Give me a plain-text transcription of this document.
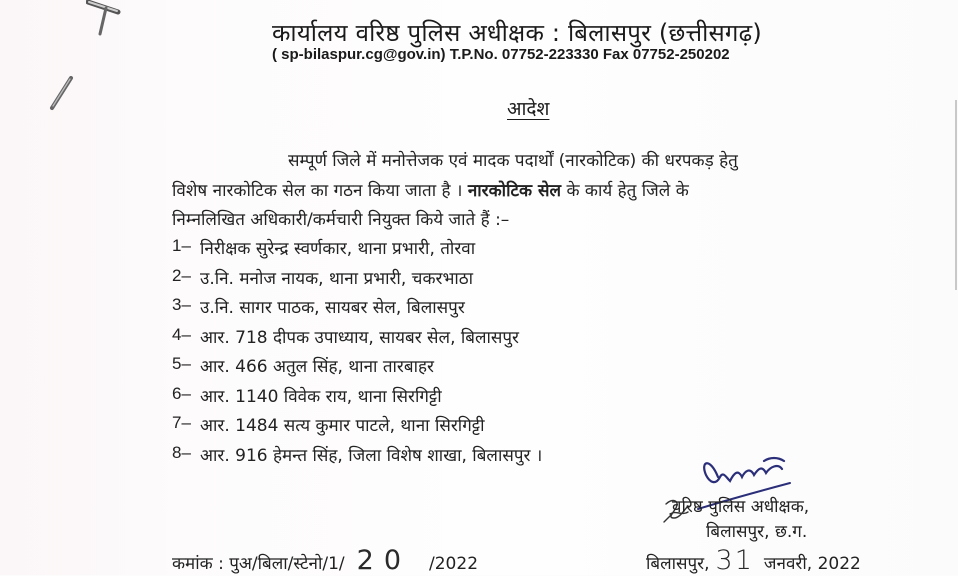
कार्यालय वरिष्ठ पुलिस अधीक्षक : बिलासपुर (छत्तीसगढ़)
( sp-bilaspur.cg@gov.in) T.P.No. 07752-223330 Fax 07752-250202
आदेश
सम्पूर्ण जिले में मनोत्तेजक एवं मादक पदार्थों (नारकोटिक) की धरपकड़ हेतु
विशेष नारकोटिक सेल का गठन किया जाता है । नारकोटिक सेल के कार्य हेतु जिले के
निम्नलिखित अधिकारी/कर्मचारी नियुक्त किये जाते हैं :–
1– निरीक्षक सुरेन्द्र स्वर्णकार, थाना प्रभारी, तोरवा
2– उ.नि. मनोज नायक, थाना प्रभारी, चकरभाठा
3– उ.नि. सागर पाठक, सायबर सेल, बिलासपुर
4– आर. 718 दीपक उपाध्याय, सायबर सेल, बिलासपुर
5– आर. 466 अतुल सिंह, थाना तारबाहर
6– आर. 1140 विवेक राय, थाना सिरगिट्टी
7– आर. 1484 सत्य कुमार पाटले, थाना सिरगिट्टी
8– आर. 916 हेमन्त सिंह, जिला विशेष शाखा, बिलासपुर ।
वरिष्ठ पुलिस अधीक्षक,
बिलासपुर, छ.ग.
कमांक : पुअ/बिला/स्टेनो/1/ 20 /2022	बिलासपुर, 31 जनवरी, 2022
